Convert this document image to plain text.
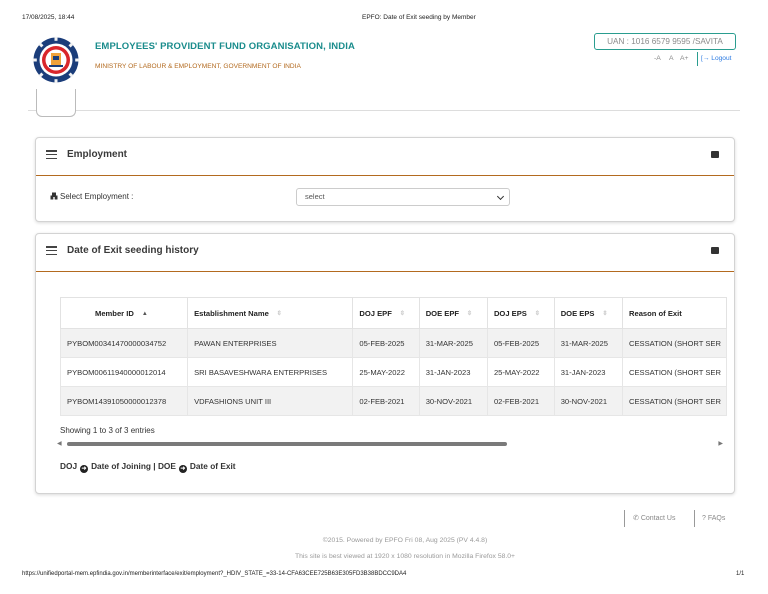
17/08/2025, 18:44	EPFO: Date of Exit seeding by Member
EMPLOYEES' PROVIDENT FUND ORGANISATION, INDIA
MINISTRY OF LABOUR & EMPLOYMENT, GOVERNMENT OF INDIA
UAN : 1016 6579 9595 /SAVITA
-A A A+ [→ Logout
Employment
Select Employment :	select
Date of Exit seeding history
Member ID ▲	Establishment Name ⇳	DOJ EPF ⇳	DOE EPF ⇳	DOJ EPS ⇳	DOE EPS ⇳	Reason of Exit
PYBOM00341470000034752	PAWAN ENTERPRISES	05-FEB-2025	31-MAR-2025	05-FEB-2025	31-MAR-2025	CESSATION (SHORT SER
PYBOM00611940000012014	SRI BASAVESHWARA ENTERPRISES	25-MAY-2022	31-JAN-2023	25-MAY-2022	31-JAN-2023	CESSATION (SHORT SER
PYBOM14391050000012378	VDFASHIONS UNIT III	02-FEB-2021	30-NOV-2021	02-FEB-2021	30-NOV-2021	CESSATION (SHORT SER
Showing 1 to 3 of 3 entries
◀	▶
DOJ ➜ Date of Joining | DOE ➜ Date of Exit
✆ Contact Us	? FAQs
©2015. Powered by EPFO Fri 08, Aug 2025 (PV 4.4.8)
This site is best viewed at 1920 x 1080 resolution in Mozilla Firefox 58.0+
https://unifiedportal-mem.epfindia.gov.in/memberinterface/exit/employment?_HDIV_STATE_=33-14-CFA63CEE725B63E305FD3B38BDCC9DA4	1/1
